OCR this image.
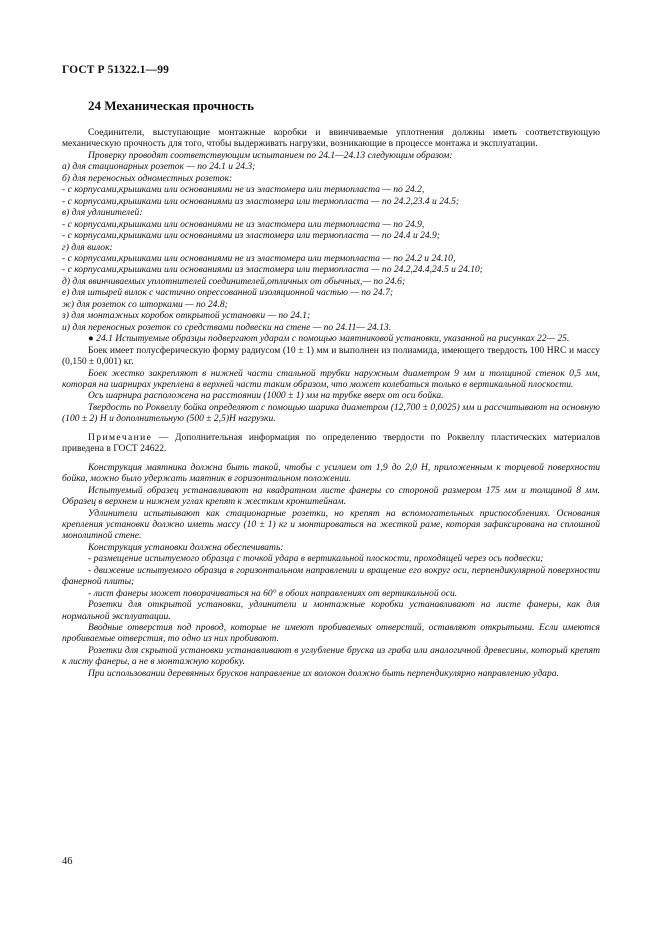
ГОСТ Р 51322.1—99
24 Механическая прочность

Соединители, выступающие монтажные коробки и ввинчиваемые уплотнения должны иметь соответствующую механическую прочность для того, чтобы выдерживать нагрузки, возникающие в процессе монтажа и эксплуатации.

Проверку проводят соответствующим испытанием по 24.1—24.13 следующим образом:

а) для стационарных розеток — по 24.1 и 24.3;

б) для переносных одноместных розеток:

- с корпусами,крышками или основаниями не из эластомера или термопласта — по 24.2,

- с корпусами,крышками или основаниями из эластомера или термопласта — по 24.2,23.4 и 24.5;

в) для удлинителей:

- с корпусами,крышками или основаниями не из эластомера или термопласта — по 24.9,

- с корпусами,крышками или основаниями из эластомера или термопласта — по 24.4 и 24.9;

г) для вилок:

- с корпусами,крышками или основаниями не из эластомера или термопласта — по 24.2 и 24.10,

- с корпусами,крышками или основаниями из эластомера или термопласта — по 24.2,24.4,24.5 и 24.10;

д) для ввинчиваемых уплотнителей соединителей,отличных от обычных,— по 24.6;

е) для штырей вилок с частично опрессованной изоляционной частью — по 24.7;

ж) для розеток со шторками — по 24.8;

з) для монтажных коробок открытой установки — по 24.1;

и) для переносных розеток со средствами подвески на стене — по 24.11— 24.13.

● 24.1 Испытуемые образцы подвергают ударам с помощью маятниковой установки, указанной на рисунках 22— 25.

Боек имеет полусферическую форму радиусом (10 ± 1) мм и выполнен из полиамида, имеющего твердость 100 HRC и массу (0,150 ± 0,001) кг.

Боек жестко закрепляют в нижней части стальной трубки наружным диаметром 9 мм и толщиной стенок 0,5 мм, которая на шарнирах укреплена в верхней части таким образом, что может колебаться только в вертикальной плоскости.

Ось шарнира расположена на расстоянии (1000 ± 1) мм на трубке вверх от оси бойка.

Твердость по Роквеллу бойка определяют с помощью шарика диаметром (12,700 ± 0,0025) мм и рассчитывают на основную (100 ± 2) Н и дополнительную (500 ± 2,5)Н нагрузки.

Примечание — Дополнительная информация по определению твердости по Роквеллу пластических материалов приведена в ГОСТ 24622.

Конструкция маятника должна быть такой, чтобы с усилием от 1,9 до 2,0 Н, приложенным к торцевой поверхности бойка, можно было удержать маятник в горизонтальном положении.

Испытуемый образец устанавливают на квадратном листе фанеры со стороной размером 175 мм и толщиной 8 мм. Образец в верхнем и нижнем углах крепят к жестким кронштейнам.

Удлинители испытывают как стационарные розетки, но крепят на вспомогательных приспособлениях. Основания крепления установки должно иметь массу (10 ± 1) кг и монтироваться на жесткой раме, которая зафиксирована на сплошной монолитной стене.

Конструкция установки должна обеспечивать:

- размещение испытуемого образца с точкой удара в вертикальной плоскости, проходящей через ось подвески;

- движение испытуемого образца в горизонтальном направлении и вращение его вокруг оси, перпендикулярной поверхности фанерной плиты;

- лист фанеры может поворачиваться на 60° в обоих направлениях от вертикальной оси.

Розетки для открытой установки, удлинители и монтажные коробки устанавливают на листе фанеры, как для нормальной эксплуатации.

Вводные отверстия под провод, которые не имеют пробиваемых отверстий, оставляют открытыми. Если имеются пробиваемые отверстия, то одно из них пробивают.

Розетки для скрытой установки устанавливают в углубление бруска из граба или аналогичной древесины, который крепят к листу фанеры, а не в монтажную коробку.

При использовании деревянных брусков направление их волокон должно быть перпендикулярно направлению удара.

46
